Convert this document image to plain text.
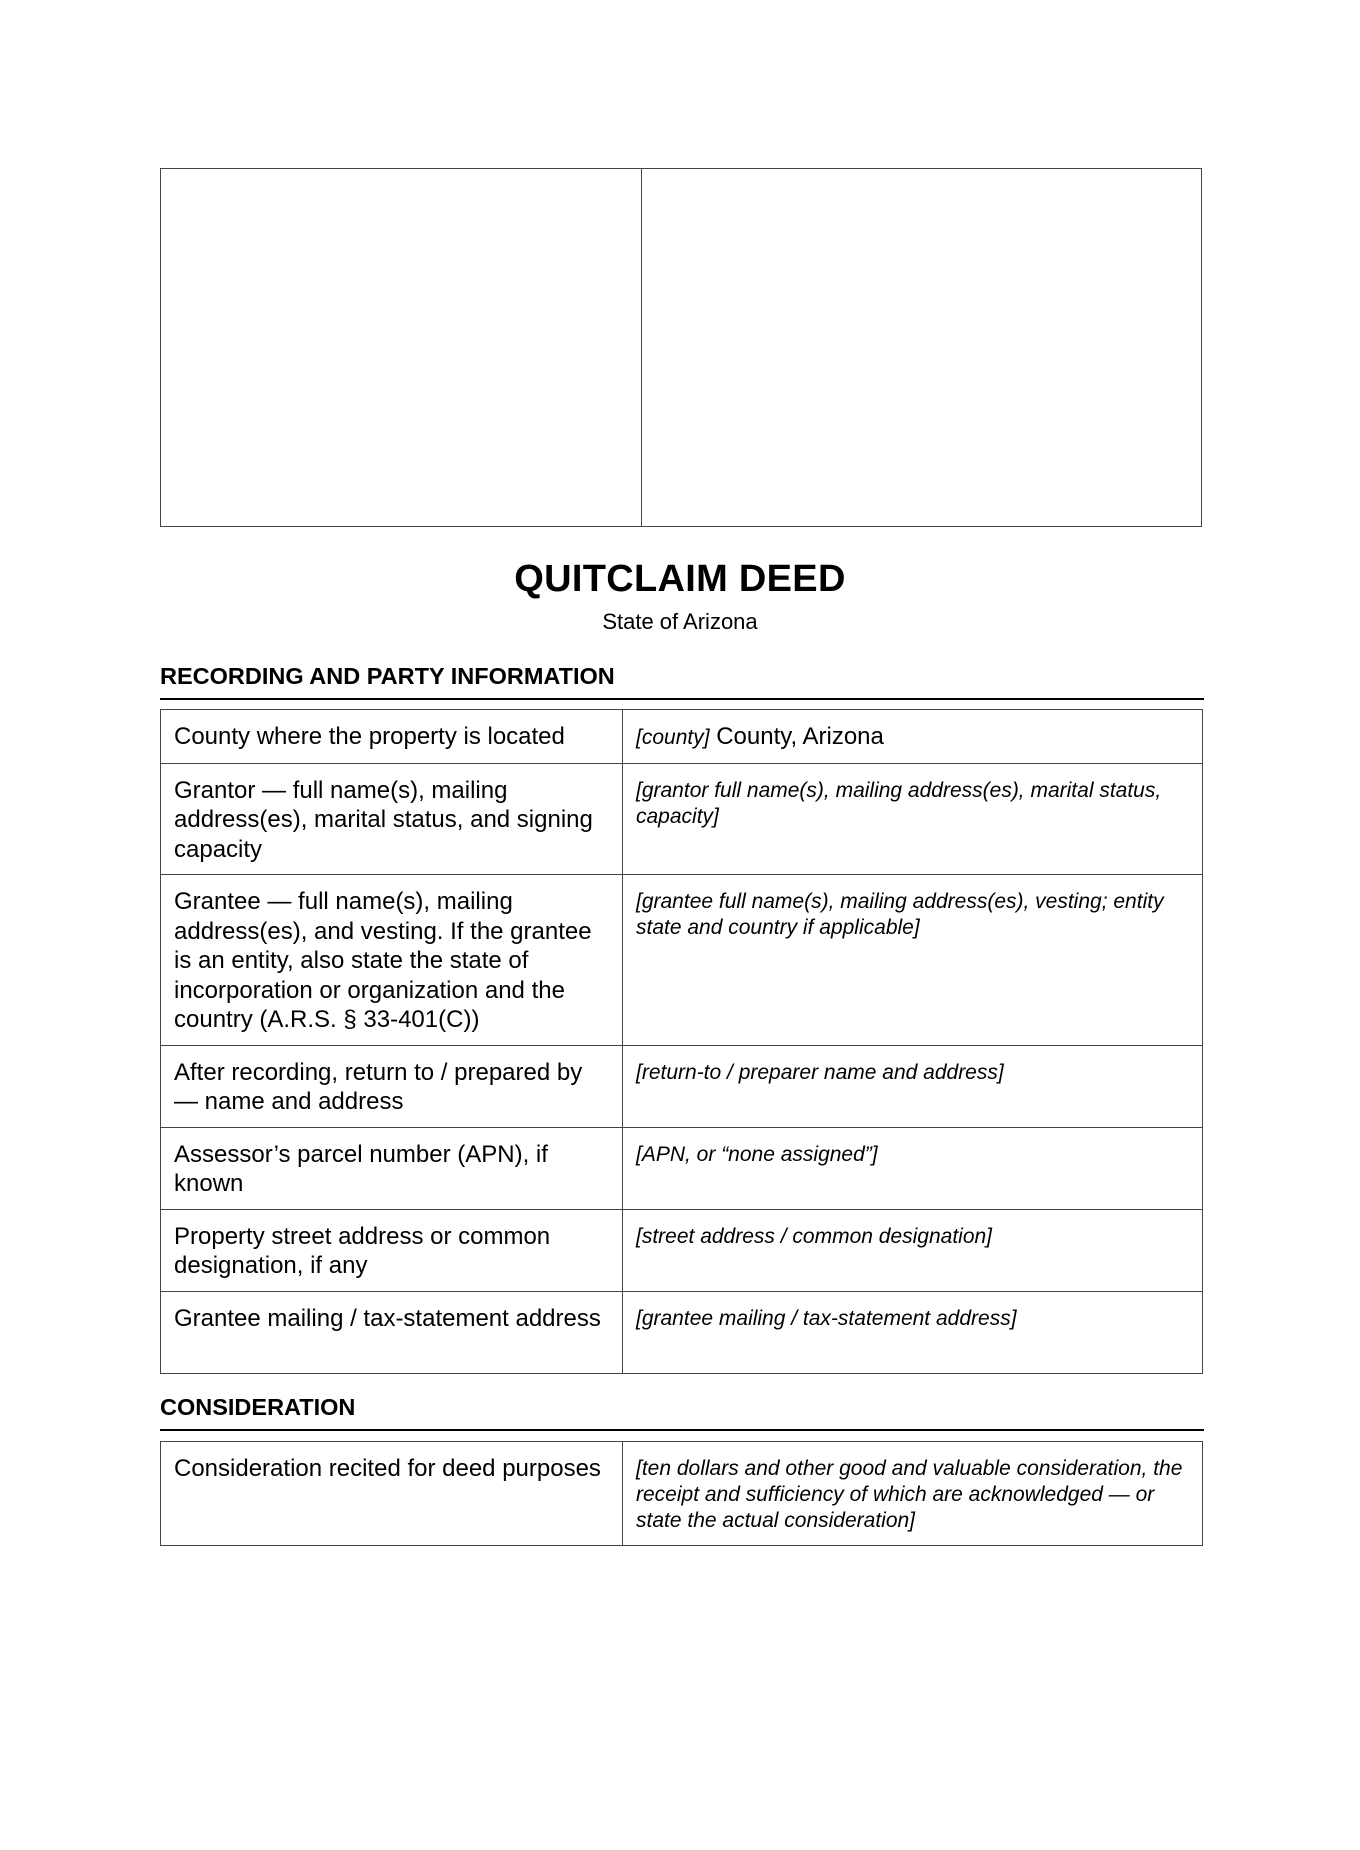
QUITCLAIM DEED

State of Arizona

RECORDING AND PARTY INFORMATION
County where the property is located	[county] County, Arizona
Grantor — full name(s), mailing address(es), marital status, and signing capacity	[grantor full name(s), mailing address(es), marital status, capacity]
Grantee — full name(s), mailing address(es), and vesting. If the grantee is an entity, also state the state of incorporation or organization and the country (A.R.S. § 33-401(C))	[grantee full name(s), mailing address(es), vesting; entity state and country if applicable]
After recording, return to / prepared by — name and address	[return-to / preparer name and address]
Assessor’s parcel number (APN), if known	[APN, or “none assigned”]
Property street address or common designation, if any	[street address / common designation]
Grantee mailing / tax-statement address	[grantee mailing / tax-statement address]
CONSIDERATION
Consideration recited for deed purposes	[ten dollars and other good and valuable consideration, the receipt and sufficiency of which are acknowledged — or state the actual consideration]
